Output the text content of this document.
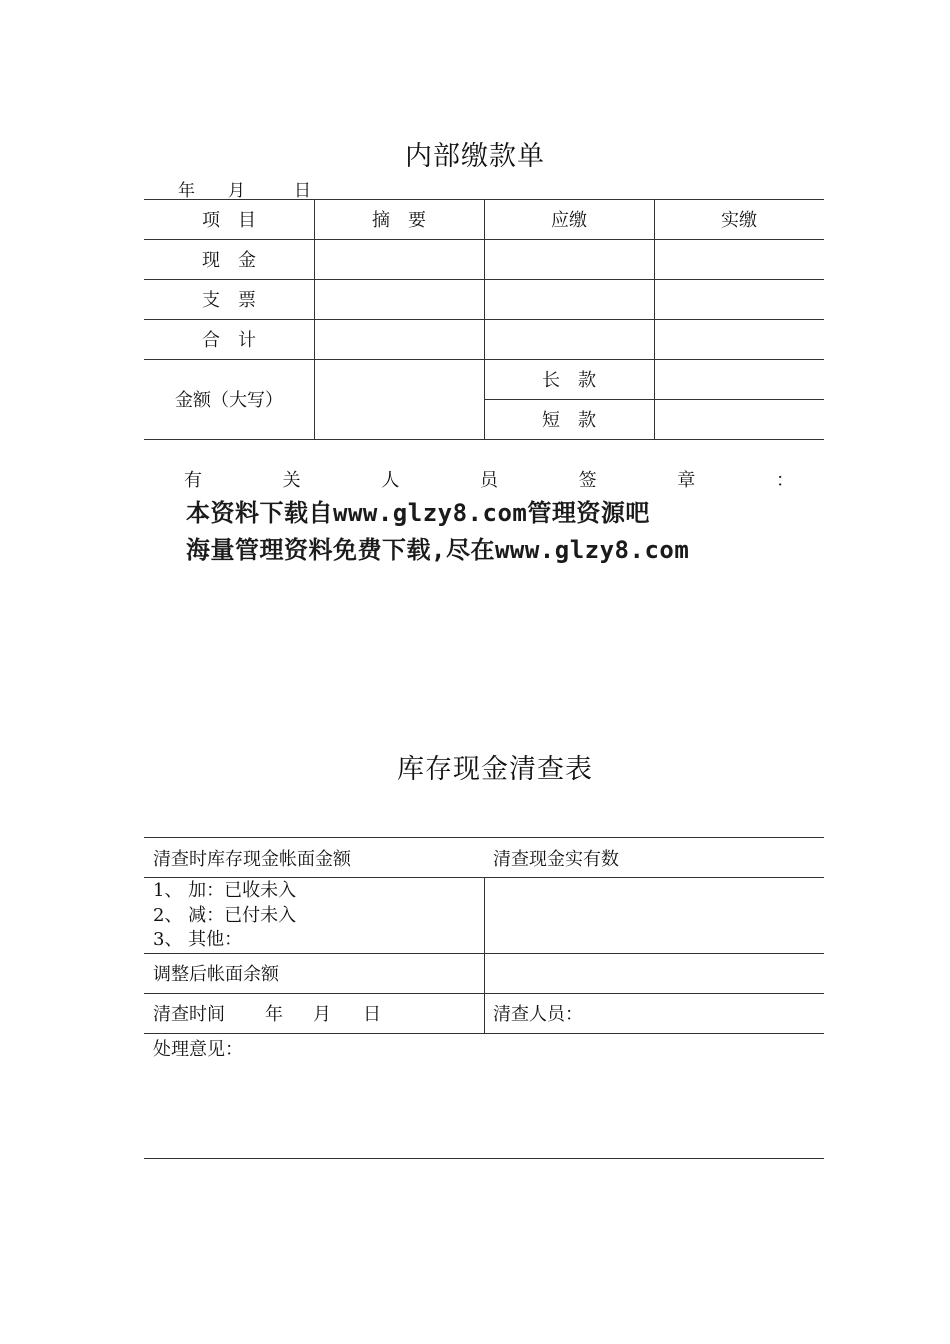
内部缴款单
年 月	日
项　目	摘　要	应缴	实缴
现　金
支　票
合　计
金额（大写）
长　款
短　款
有	关	人	员	签	章	：
本资料下载自www.glzy8.com管理资源吧
海量管理资料免费下载,尽在www.glzy8.com
库存现金清查表
清查时库存现金帐面金额	清查现金实有数
1、 加：已收未入
2、 减：已付未入
3、 其他：
调整后帐面余额
清查时间 年 月 日	清查人员：
处理意见：
